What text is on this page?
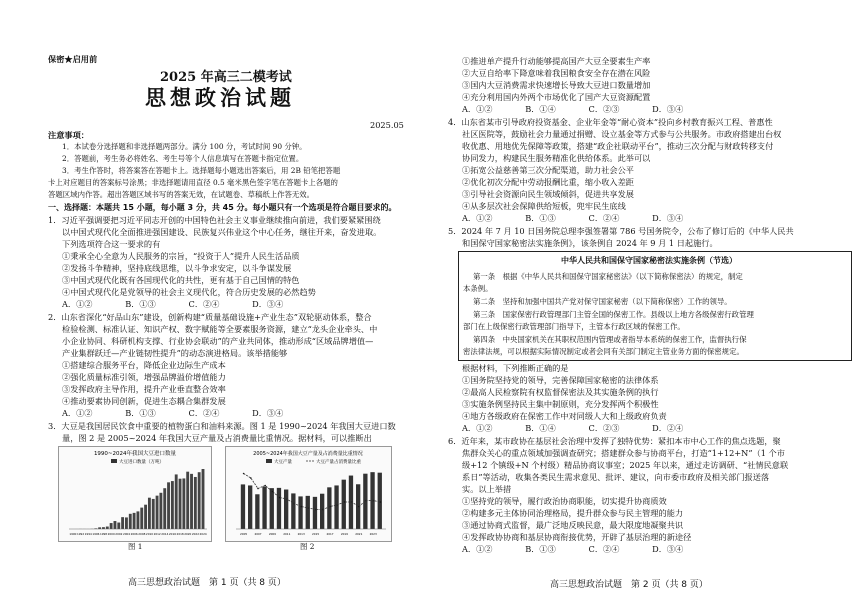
保密★启用前
2025 年高三二模考试
思想政治试题
2025.05
注意事项：
1．本试卷分选择题和非选择题两部分。满分 100 分，考试时间 90 分钟。
2．答题前，考生务必将姓名、考生号等个人信息填写在答题卡指定位置。
3．考生作答时，将答案答在答题卡上。选择题每小题选出答案后，用 2B 铅笔把答题
卡上对应题目的答案标号涂黑；非选择题请用直径 0.5 毫米黑色签字笔在答题卡上各题的
答题区域内作答。超出答题区域书写的答案无效，在试题卷、草稿纸上作答无效。
一、选择题：本题共 15 小题，每小题 3 分，共 45 分。每小题只有一个选项是符合题目要求的。
1．习近平强调要把习近平同志开创的中国特色社会主义事业继续推向前进，我们要紧紧围绕
以中国式现代化全面推进强国建设、民族复兴伟业这个中心任务，继往开来，奋发进取。
下列选项符合这一要求的有
①秉承全心全意为人民服务的宗旨，“投资于人”提升人民生活品质
②发扬斗争精神，坚持底线思维，以斗争求安定，以斗争谋发展
③中国式现代化既有各国现代化的共性，更有基于自己国情的特色
④中国式现代化是党领导的社会主义现代化，符合历史发展的必然趋势
A．①②　　　　B．①③　　　　C．②④　　　　D．③④
2．山东省深化“好品山东”建设，创新构建“质量基础设施+产业生态”双轮驱动体系，整合
检验检测、标准认证、知识产权、数字赋能等全要素服务资源，建立“龙头企业牵头、中
小企业协同、科研机构支撑、行业协会联动”的产业共同体，推动形成“区域品牌增值—
产业集群跃迁—产业链韧性提升”的动态演进格局。该举措能够
①搭建综合服务平台，降低企业边际生产成本
②强化质量标准引领，增强品牌溢价增值能力
③发挥政府主导作用，提升产业垂直整合效率
④推动要素协同创新，促进生态耦合集群发展
A．①②　　　　B．①③　　　　C．②④　　　　D．③④
3．大豆是我国居民饮食中重要的植物蛋白和油料来源。图 1 是 1990~2024 年我国大豆进口数
量，图 2 是 2005~2024 年我国大豆产量及占消费量比重情况。据材料，可以推断出
1990~2024年我国大豆进口数量
大豆进口数量（万吨）
1990 1992 1994 1996 1998 2000 2002 2004 2006 2008 2010 2012 2014 2016 2018 2020 2022 2024
图 1
2005~2024年我国大豆产量及占消费量比重情况
大豆产量	大豆产量占消费量比重
2005	2007	2009	2011	2013	2015	2017	2019	2021	2023
图 2
高三思想政治试题　第 1 页（共 8 页）
①推进单产提升行动能够提高国产大豆全要素生产率
②大豆自给率下降意味着我国粮食安全存在潜在风险
③国内大豆消费需求快速增长导致大豆进口数量增加
④充分利用国内外两个市场优化了国产大豆资源配置
A．①②　　　　B．①④　　　　C．②③　　　　D．③④
4．山东省某市引导政府投资基金、企业年金等“耐心资本”投向乡村教育振兴工程、普惠性
社区医院等，鼓励社会力量通过捐赠、设立基金等方式参与公共服务。市政府搭建出台权
收优惠、用地优先保障等政策，搭建“政企社联动平台”，推动三次分配与财政转移支付
协同发力，构建民生服务精准化供给体系。此举可以
①拓宽公益慈善第三次分配渠道，助力社会公平
②优化初次分配中劳动报酬比重，缩小收入差距
③引导社会资源向民生领域倾斜，促进共享发展
④从多层次社会保障供给短板，兜牢民生底线
A．①②　　　　B．①③　　　　C．②④　　　　D．③④
5．2024 年 7 月 10 日国务院总理李强签署第 786 号国务院令，公布了修订后的《中华人民共
和国保守国家秘密法实施条例》，该条例自 2024 年 9 月 1 日起施行。
中华人民共和国保守国家秘密法实施条例（节选）
第一条　根据《中华人民共和国保守国家秘密法》（以下简称保密法）的规定，制定
本条例。
第二条　坚持和加强中国共产党对保守国家秘密（以下简称保密）工作的领导。
第三条　国家保密行政管理部门主管全国的保密工作。县级以上地方各级保密行政管理
部门在上级保密行政管理部门指导下，主管本行政区域的保密工作。
第四条　中央国家机关在其职权范围内管理或者指导本系统的保密工作，监督执行保
密法律法规，可以根据实际情况制定或者会同有关部门制定主管业务方面的保密规定。
根据材料，下列推断正确的是
①国务院坚持党的领导，完善保障国家秘密的法律体系
②最高人民检察院有权监督保密法及其实施条例的执行
③实施条例坚持民主集中制原则，充分发挥两个积极性
④地方各级政府在保密工作中对同级人大和上级政府负责
A．①②　　　　B．①④　　　　C．②③　　　　D．②④
6．近年来，某市政协在基层社会治理中发挥了独特优势：紧扣本市中心工作的焦点选题，聚
焦群众关心的重点领域加强调查研究；搭建群众参与协商平台，打造“1+12+N”（1 个市
级+12 个镇级+N 个村级）精品协商议事室；2025 年以来，通过走访调研、“社情民意联
系日”等活动，收集各类民生需求意见、批评、建议，向市委市政府及相关部门报送落
实。以上举措
①坚持党的领导，履行政治协商职能，切实提升协商质效
②构建多元主体协同治理格局，提升群众参与民主管理的能力
③通过协商式监督，最广泛地反映民意，最大限度地凝聚共识
④发挥政协协商和基层协商衔接优势，开辟了基层治理的新途径
A．①②　　　　B．①③　　　　C．②④　　　　D．③④
高三思想政治试题　第 2 页（共 8 页）
